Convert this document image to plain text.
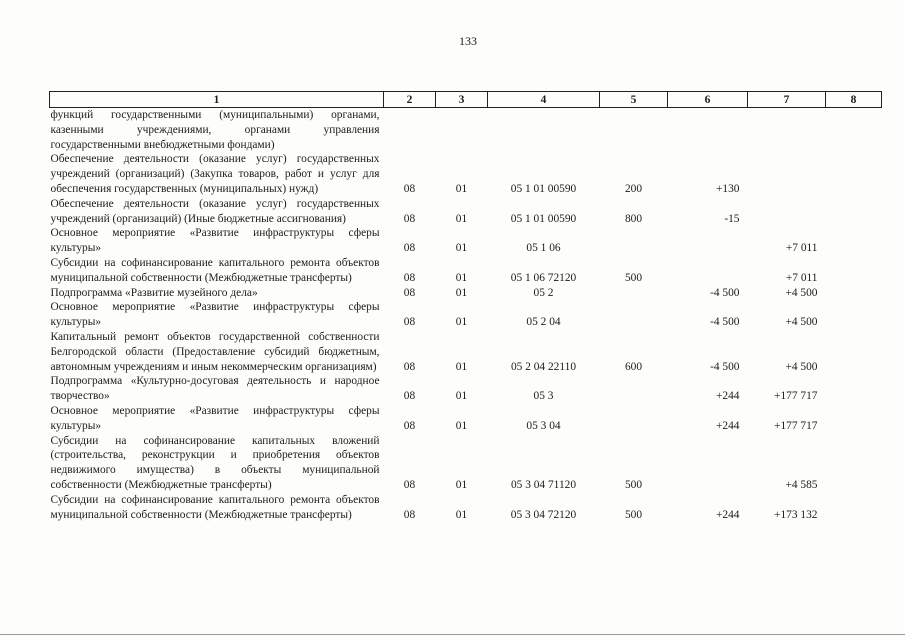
133
1	2	3	4	5	6	7	8
функций государственными (муниципальными) органами, казенными учреждениями, органами управления государственными внебюджетными фондами)							
Обеспечение деятельности (оказание услуг) государственных учреждений (организаций) (Закупка товаров, работ и услуг для обеспечения государственных (муниципальных) нужд)	08	01	05 1 01 00590	200	+130		
Обеспечение деятельности (оказание услуг) государственных учреждений (организаций) (Иные бюджетные ассигнования)	08	01	05 1 01 00590	800	-15		
Основное мероприятие «Развитие инфраструктуры сферы культуры»	08	01	05 1 06			+7 011	
Субсидии на софинансирование капитального ремонта объектов муниципальной собственности (Межбюджетные трансферты)	08	01	05 1 06 72120	500		+7 011	
Подпрограмма «Развитие музейного дела»	08	01	05 2		-4 500	+4 500	
Основное мероприятие «Развитие инфраструктуры сферы культуры»	08	01	05 2 04		-4 500	+4 500	
Капитальный ремонт объектов государственной собственности Белгородской области (Предоставление субсидий бюджетным, автономным учреждениям и иным некоммерческим организациям)	08	01	05 2 04 22110	600	-4 500	+4 500	
Подпрограмма «Культурно-досуговая деятельность и народное творчество»	08	01	05 3		+244	+177 717	
Основное мероприятие «Развитие инфраструктуры сферы культуры»	08	01	05 3 04		+244	+177 717	
Субсидии на софинансирование капитальных вложений (строительства, реконструкции и приобретения объектов недвижимого имущества) в объекты муниципальной собственности (Межбюджетные трансферты)	08	01	05 3 04 71120	500		+4 585	
Субсидии на софинансирование капитального ремонта объектов муниципальной собственности (Межбюджетные трансферты)	08	01	05 3 04 72120	500	+244	+173 132	
